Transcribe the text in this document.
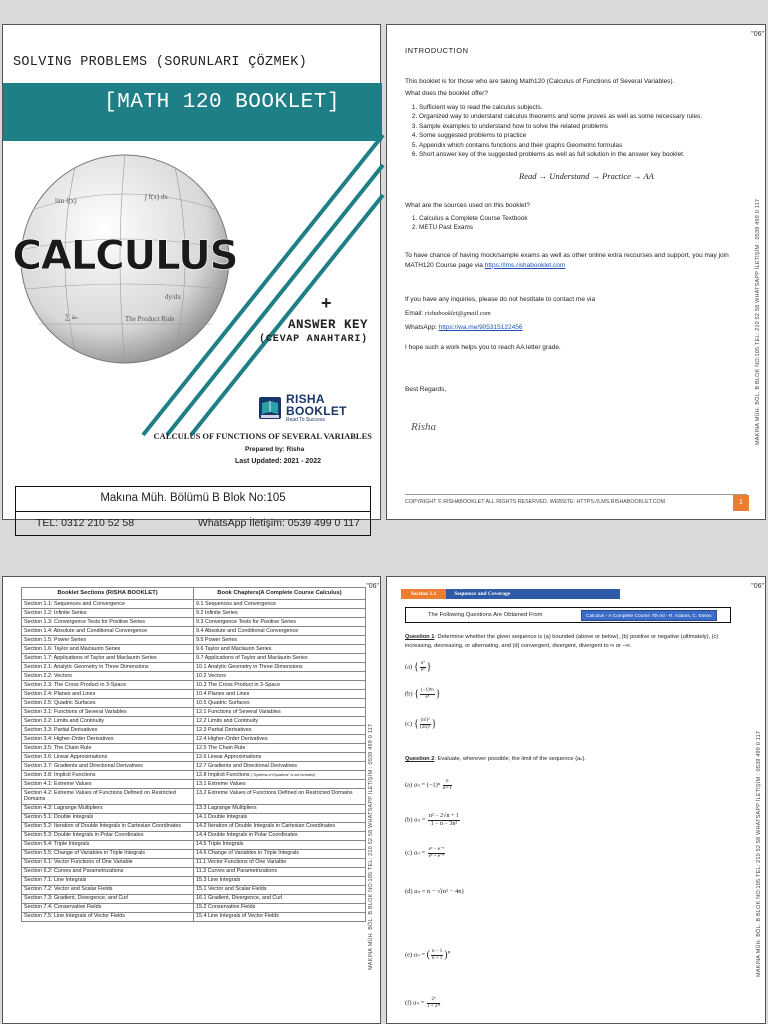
SOLVING PROBLEMS (SORUNLARI ÇÖZMEK)
[MATH 120 BOOKLET]
lim f(x)	∫ f(x) dx
dy/dx
∑ aₙ	The Product Rule
CALCULUS
+
ANSWER KEY
(CEVAP ANAHTARI)
RISHA
BOOKLET
Read To Success
CALCULUS OF FUNCTIONS OF SEVERAL VARIABLES
Prepared by: Risha
Last Updated: 2021 - 2022
Makına Müh. Bölümü B Blok No:105
TEL: 0312 210 52 58	WhatsApp İletişim: 0539 499 0 117
"06"
INTRODUCTION
This booklet is for those who are taking Math120 (Calculus of Functions of Several Variables).
What does the booklet offer?
1. Sufficient way to read the calculus subjects.
2. Organized way to understand calculus theorems and some proves as well as some necessary rules.
3. Sample examples to understand how to solve the related problems
4. Some suggested problems to practice
5. Appendix which contains functions and their graphs Geometric formulas
6. Short answer key of the suggested problems as well as full solution in the answer key booklet.
Read → Understand → Practice → AA
What are the sources used on this booklet?
1. Calculus a Complete Course Textbook
2. METU Past Exams
To have chance of having mock/sample exams as well as other online extra recourses and support, you may join MATH120 Course page via https://lms.rishabooklet.com
If you have any inquiries, please do not hestitate to contact me via
Email: rishabooklet@gmail.com
WhatsApp: https://wa.me/905315122456
I hope such a work helps you to reach AA letter grade.
Best Regards,
Risha	MAKINA MÜH. BÖL. B BLOK NO:105 TEL: 210 52 58 WHATSAPP İLETİŞİM : 0539 499 0 117
COPYRIGHT © RISHABOOKLET ALL RIGHTS RESERVED. WEBSITE: HTTPS://LMS.RISHABOOKLET.COM	1
"06"
Booklet Sections (RISHA BOOKLET)	Book Chapters(A Complete Course Calculus)
Section 1.1: Sequences and Convergence	9.1 Sequences and Convergence
Section 1.2: Infinite Series	9.2 Infinite Series
Section 1.3: Convergence Tests for Positive Series	9.3 Convergence Tests for Positive Series
Section 1.4: Absolute and Conditional Convergence	9.4 Absolute and Conditional Convergence
Section 1.5: Power Series	9.5 Power Series
Section 1.6: Taylor and Maclaurin Series	9.6 Taylor and Maclaurin Series
Section 1.7: Applications of Taylor and Maclaurin Series	9.7 Applications of Taylor and Maclaurin Series
Section 2.1: Analytic Geometry in Three Dimensions	10.1 Analytic Geometry in Three Dimensions
Section 2.2: Vectors	10.2 Vectors
Section 2.3: The Cross Product in 3-Space	10.3 The Cross Product in 3-Space
Section 2.4: Planes and Lines	10.4 Planes and Lines
Section 2.5: Quadric Surfaces	10.5 Quadric Surfaces
Section 3.1: Functions of Several Variables	12.1 Functions of Several Variables
Section 3.2: Limits and Continuity	12.2 Limits and Continuity
Section 3.3: Partial Derivatives	12.3 Partial Derivatives
Section 3.4: Higher-Order Derivatives	12.4 Higher-Order Derivatives
Section 3.5: The Chain Rule	12.5 The Chain Rule
Section 3.6: Linear Approximations	12.6 Linear Approximations
Section 3.7: Gradients and Directional Derivatives	12.7 Gradients and Directional Derivatives
Section 3.8: Implicit Functions	12.8 Implicit Functions ("Systems of Equations" is not included)
Section 4.1: Extreme Values	13.1 Extreme Values
Section 4.2: Extreme Values of Functions Defined on Restricted Domains	13.2 Extreme Values of Functions Defined on Restricted Domains
Section 4.3: Lagrange Multipliers	13.3 Lagrange Multipliers
Section 5.1: Double Integrals	14.1 Double Integrals
Section 5.2: Iteration of Double Integrals in Cartesian Coordinates	14.2 Iteration of Double Integrals in Cartesian Coordinates
Section 5.3: Double Integrals in Polar Coordinates	14.4 Double Integrals in Polar Coordinates
Section 5.4: Triple Integrals	14.5 Triple Integrals
Section 5.5: Change of Variables in Triple Integrals	14.6 Change of Variables in Triple Integrals
Section 6.1: Vector Functions of One Variable	11.1 Vector Functions of One Variable
Section 6.2: Curves and Parametrizations	11.3 Curves and Parametrizations
Section 7.1: Line Integrals	15.3 Line Integrals
Section 7.2: Vector and Scalar Fields	15.1 Vector and Scalar Fields
Section 7.3: Gradient, Divergence, and Curl	16.1 Gradient, Divergence, and Curl
Section 7.4: Conservative Fields	15.2 Conservative Fields
Section 7.5: Line Integrals of Vector Fields	15.4 Line Integrals of Vector Fields
"06"
Section 1.1	Sequence and Coverage
The Following Questions Are Obtained From	Calculus - A Complete Course 7th ed - R. Adams, C. Essex
Question 1: Determine whether the given sequence is (a) bounded (above or below), (b) positive or negative (ultimately), (c) increasing, decreasing, or alternating, and (d) convergent, divergent, divergent to ∞ or −∞.
(a) { $\frac{\text{n²}}{\text{eⁿ}}$ }
(b) { $\frac{\text{(−1)ⁿn}}{\text{eⁿ}}$ }
(c) { $\frac{\text{(n!)²}}{(2n)!}$ }
Question 2: Evaluate, wherever possible, the limit of the sequence {aₙ}.
(a) $a_n = (-1)^n \frac{n}{\text{n²+1}}$
(b) $a_n = \frac{\text{n² − 2√n + 1}}{\text{1 − n − 3n²}}$
(c) $a_n = \frac{\text{eⁿ − e⁻ⁿ}}{\text{eⁿ + e⁻ⁿ}}$
(d) aₙ = n − √(n² − 4n)
(e) aₙ = ( $\frac{n - 1}{n + 1} )^n$
(f) $a_n = \frac{\text{2ⁿ}}{\text{1 + 2²ⁿ}}$
MAKINA MÜH. BÖL. B BLOK NO:105 TEL: 210 52 58 WHATSAPP İLETİŞİM : 0539 499 0 117
MAKINA MÜH. BÖL. B BLOK NO:105 TEL: 210 52 58 WHATSAPP İLETİŞİM : 0539 499 0 117
